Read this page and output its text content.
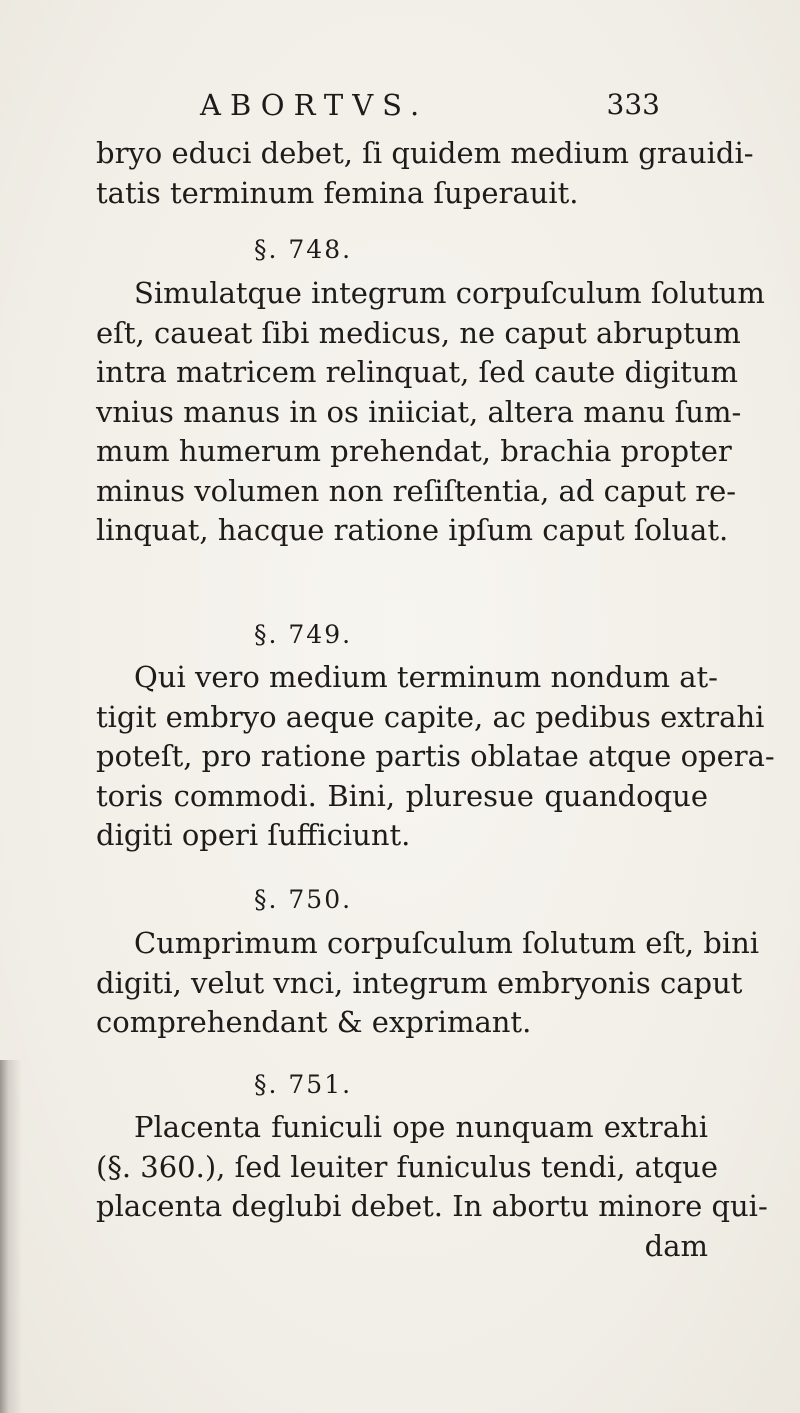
ABORTVS.	333
bryo educi debet, ſi quidem medium grauidi-
tatis terminum femina ſuperauit.
§. 748.
Simulatque integrum corpuſculum ſolutum
eſt, caueat ſibi medicus, ne caput abruptum
intra matricem relinquat, ſed caute digitum
vnius manus in os iniiciat, altera manu ſum-
mum humerum prehendat, brachia propter
minus volumen non reſiſtentia, ad caput re-
linquat, hacque ratione ipſum caput ſoluat.
§. 749.
Qui vero medium terminum nondum at-
tigit embryo aeque capite, ac pedibus extrahi
poteſt, pro ratione partis oblatae atque opera-
toris commodi. Bini, pluresue quandoque
digiti operi ſufficiunt.
§. 750.
Cumprimum corpuſculum ſolutum eſt, bini
digiti, velut vnci, integrum embryonis caput
comprehendant & exprimant.
§. 751.
Placenta funiculi ope nunquam extrahi
(§. 360.), ſed leuiter funiculus tendi, atque
placenta deglubi debet. In abortu minore qui-
dam
